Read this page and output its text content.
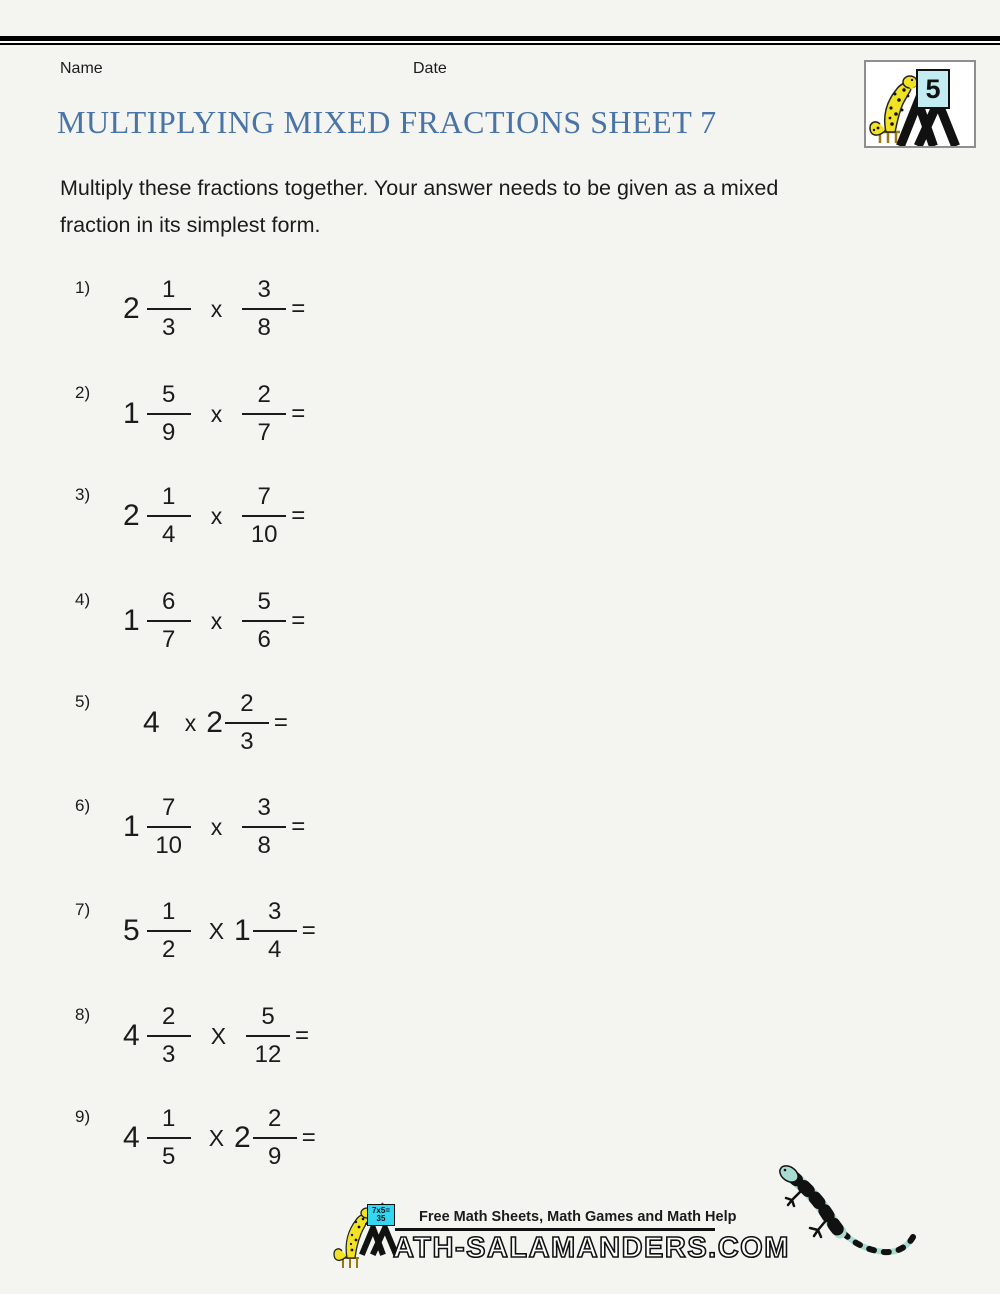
Name	Date
5
MULTIPLYING MIXED FRACTIONS SHEET 7
Multiply these fractions together. Your answer needs to be given as a mixed
fraction in its simplest form.
1)
$2 \frac{1}{3}$ x $\frac{3}{8}$ =
2)
$1 \frac{5}{9}$ x $\frac{2}{7}$ =
3)
$2 \frac{1}{4}$ x $\frac{7}{10}$ =
4)
$1 \frac{6}{7}$ x $\frac{5}{6}$ =
5)
4 x $2 \frac{2}{3}$ =
6)
$1 \frac{7}{10}$ x $\frac{3}{8}$ =
7)
$5 \frac{1}{2}$ X $1 \frac{3}{4}$ =
8)
$4 \frac{2}{3}$ X $\frac{5}{12}$ =
9)
$4 \frac{1}{5}$ X $2 \frac{2}{9}$ =
7x5=
35 Free Math Sheets, Math Games and Math Help
ATH-SALAMANDERS.COM
